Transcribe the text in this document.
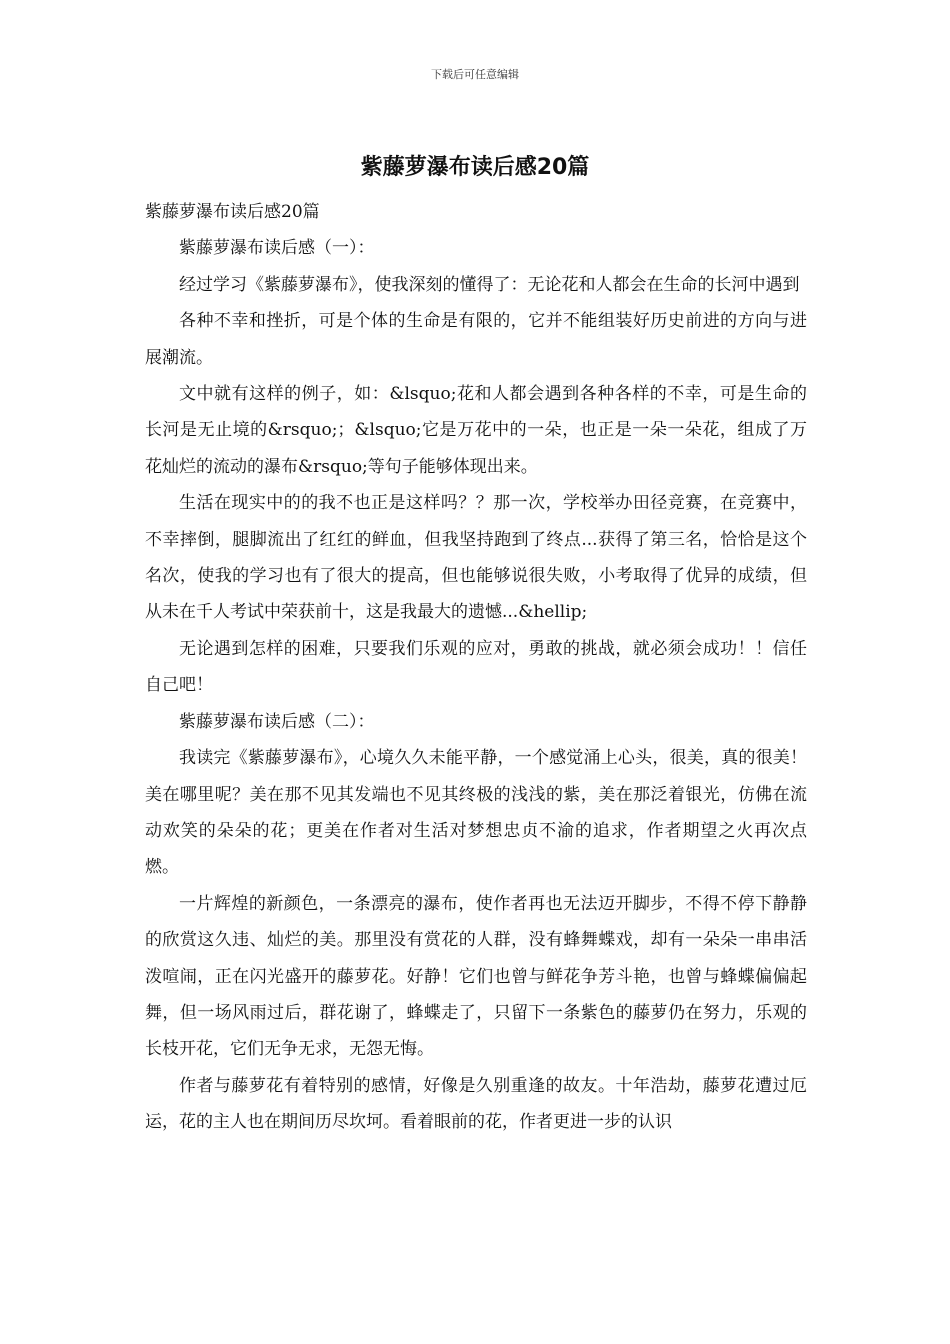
下载后可任意编辑
紫藤萝瀑布读后感20篇

紫藤萝瀑布读后感20篇

紫藤萝瀑布读后感（一）：

经过学习《紫藤萝瀑布》，使我深刻的懂得了：无论花和人都会在生命的长河中遇到

各种不幸和挫折，可是个体的生命是有限的，它并不能组装好历史前进的方向与进展潮流。

文中就有这样的例子，如：&lsquo;花和人都会遇到各种各样的不幸，可是生命的长河是无止境的&rsquo;；&lsquo;它是万花中的一朵，也正是一朵一朵花，组成了万花灿烂的流动的瀑布&rsquo;等句子能够体现出来。

生活在现实中的的我不也正是这样吗？？那一次，学校举办田径竞赛，在竞赛中，不幸摔倒，腿脚流出了红红的鲜血，但我坚持跑到了终点...获得了第三名，恰恰是这个名次，使我的学习也有了很大的提高，但也能够说很失败，小考取得了优异的成绩，但从未在千人考试中荣获前十，这是我最大的遗憾...&hellip;

无论遇到怎样的困难，只要我们乐观的应对，勇敢的挑战，就必须会成功！！信任自己吧！

紫藤萝瀑布读后感（二）：

我读完《紫藤萝瀑布》，心境久久未能平静，一个感觉涌上心头，很美，真的很美！美在哪里呢？美在那不见其发端也不见其终极的浅浅的紫，美在那泛着银光，仿佛在流动欢笑的朵朵的花；更美在作者对生活对梦想忠贞不渝的追求，作者期望之火再次点燃。

一片辉煌的新颜色，一条漂亮的瀑布，使作者再也无法迈开脚步，不得不停下静静的欣赏这久违、灿烂的美。那里没有赏花的人群，没有蜂舞蝶戏，却有一朵朵一串串活泼喧闹，正在闪光盛开的藤萝花。好静！它们也曾与鲜花争芳斗艳，也曾与蜂蝶偏偏起舞，但一场风雨过后，群花谢了，蜂蝶走了，只留下一条紫色的藤萝仍在努力，乐观的长枝开花，它们无争无求，无怨无悔。

作者与藤萝花有着特别的感情，好像是久别重逢的故友。十年浩劫，藤萝花遭过厄运，花的主人也在期间历尽坎坷。看着眼前的花，作者更进一步的认识
